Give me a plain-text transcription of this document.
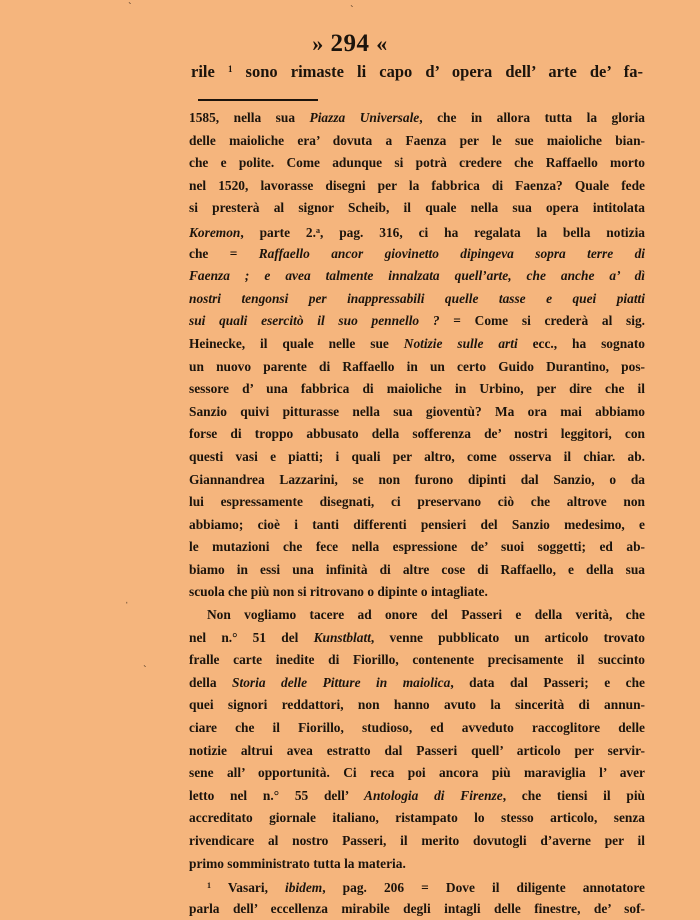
» 294 «
rile $^1$ sono rimaste li capo d’ opera dell’ arte de’ fa-
1585, nella sua Piazza Universale, che in allora tutta la gloria
delle maioliche era’ dovuta a Faenza per le sue maioliche bian-
che e polite. Come adunque si potrà credere che Raffaello morto
nel 1520, lavorasse disegni per la fabbrica di Faenza? Quale fede
si presterà al signor Scheib, il quale nella sua opera intitolata
Koremon, parte 2.$^a$, pag. 316, ci ha regalata la bella notizia
che = Raffaello ancor giovinetto dipingeva sopra terre di
Faenza ; e avea talmente innalzata quell’arte, che anche a’ dì
nostri tengonsi per inappressabili quelle tasse e quei piatti
sui quali esercitò il suo pennello ? = Come si crederà al sig.
Heinecke, il quale nelle sue Notizie sulle arti ecc., ha sognato
un nuovo parente di Raffaello in un certo Guido Durantino, pos-
sessore d’ una fabbrica di maioliche in Urbino, per dire che il
Sanzio quivi pitturasse nella sua gioventù? Ma ora mai abbiamo
forse di troppo abbusato della sofferenza de’ nostri leggitori, con
questi vasi e piatti; i quali per altro, come osserva il chiar. ab.
Giannandrea Lazzarini, se non furono dipinti dal Sanzio, o da
lui espressamente disegnati, ci preservano ciò che altrove non
abbiamo; cioè i tanti differenti pensieri del Sanzio medesimo, e
le mutazioni che fece nella espressione de’ suoi soggetti; ed ab-
biamo in essi una infinità di altre cose di Raffaello, e della sua
scuola che più non si ritrovano o dipinte o intagliate.
Non vogliamo tacere ad onore del Passeri e della verità, che
nel n.° 51 del Kunstblatt, venne pubblicato un articolo trovato
fralle carte inedite di Fiorillo, contenente precisamente il succinto
della Storia delle Pitture in maiolica, data dal Passeri; e che
quei signori reddattori, non hanno avuto la sincerità di annun-
ciare che il Fiorillo, studioso, ed avveduto raccoglitore delle
notizie altrui avea estratto dal Passeri quell’ articolo per servir-
sene all’ opportunità. Ci reca poi ancora più maraviglia l’ aver
letto nel n.° 55 dell’ Antologia di Firenze, che tiensi il più
accreditato giornale italiano, ristampato lo stesso articolo, senza
rivendicare al nostro Passeri, il merito dovutogli d’averne per il
primo somministrato tutta la materia.
$^1$ Vasari, ibidem, pag. 206 = Dove il diligente annotatore
parla dell’ eccellenza mirabile degli intagli delle finestre, de’ sof-
ˋ	ˋ
ˈ
ˋ
